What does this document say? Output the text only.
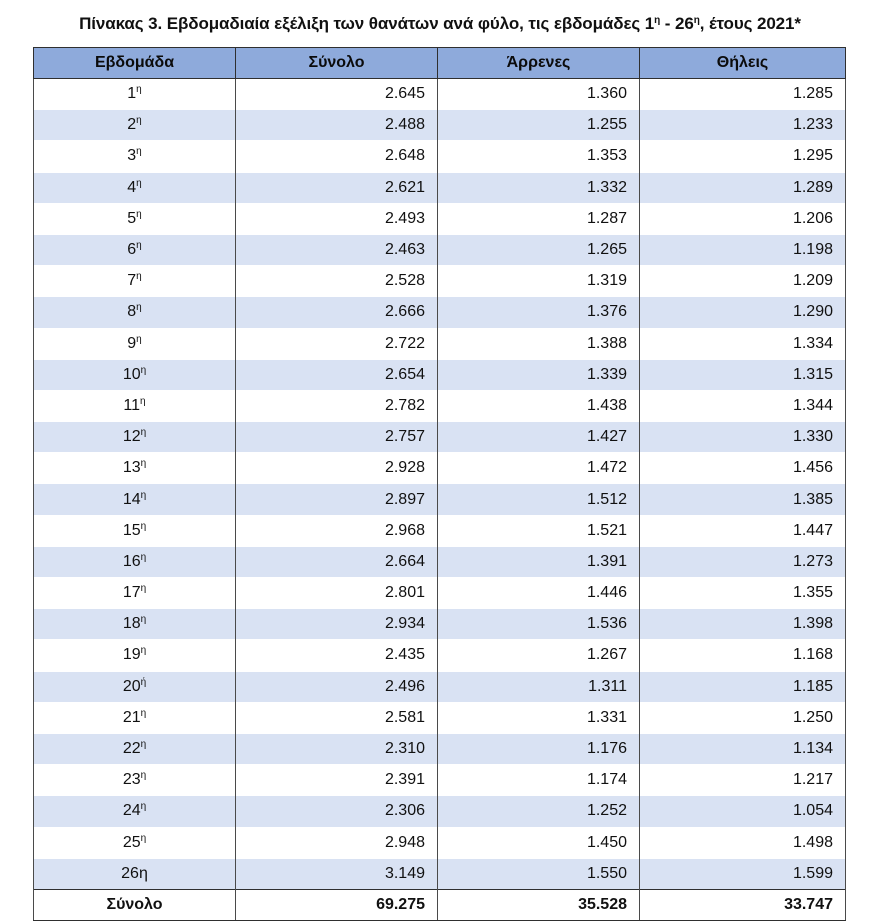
Πίνακας 3. Εβδομαδιαία εξέλιξη των θανάτων ανά φύλο, τις εβδομάδες $1^\eta - 26^\eta$, έτους 2021*
Εβδομάδα	Σύνολο	Άρρενες	Θήλεις
$1^\eta$	2.645	1.360	1.285
$2^\eta$	2.488	1.255	1.233
$3^\eta$	2.648	1.353	1.295
$4^\eta$	2.621	1.332	1.289
$5^\eta$	2.493	1.287	1.206
$6^\eta$	2.463	1.265	1.198
$7^\eta$	2.528	1.319	1.209
$8^\eta$	2.666	1.376	1.290
$9^\eta$	2.722	1.388	1.334
$10^\eta$	2.654	1.339	1.315
$11^\eta$	2.782	1.438	1.344
$12^\eta$	2.757	1.427	1.330
$13^\eta$	2.928	1.472	1.456
$14^\eta$	2.897	1.512	1.385
$15^\eta$	2.968	1.521	1.447
$16^\eta$	2.664	1.391	1.273
$17^\eta$	2.801	1.446	1.355
$18^\eta$	2.934	1.536	1.398
$19^\eta$	2.435	1.267	1.168
$20^ή$	2.496	1.311	1.185
$21^\eta$	2.581	1.331	1.250
$22^\eta$	2.310	1.176	1.134
$23^\eta$	2.391	1.174	1.217
$24^\eta$	2.306	1.252	1.054
$25^\eta$	2.948	1.450	1.498
26η	3.149	1.550	1.599
Σύνολο	69.275	35.528	33.747
